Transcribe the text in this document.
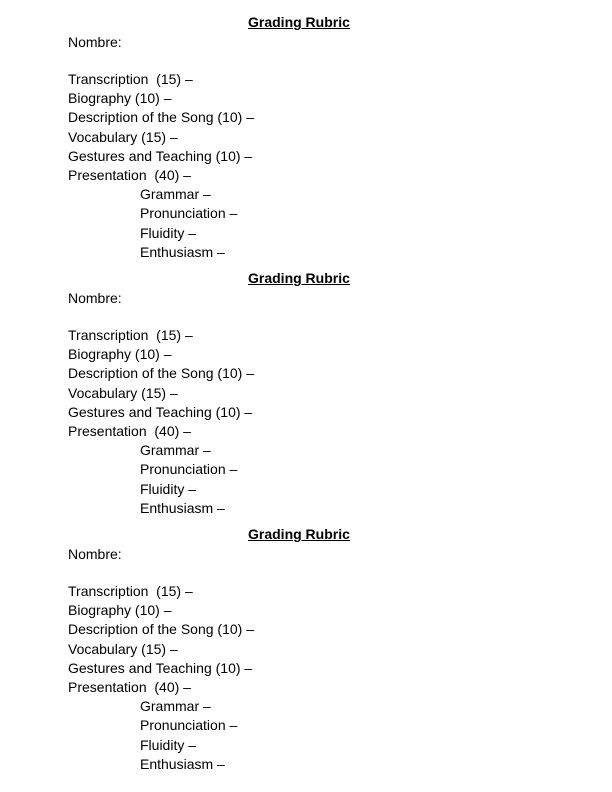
Grading Rubric
Nombre:
Transcription  (15) –
Biography (10) –
Description of the Song (10) –
Vocabulary (15) –
Gestures and Teaching (10) –
Presentation  (40) –
Grammar –
Pronunciation –
Fluidity –
Enthusiasm –
Grading Rubric
Nombre:
Transcription  (15) –
Biography (10) –
Description of the Song (10) –
Vocabulary (15) –
Gestures and Teaching (10) –
Presentation  (40) –
Grammar –
Pronunciation –
Fluidity –
Enthusiasm –
Grading Rubric
Nombre:
Transcription  (15) –
Biography (10) –
Description of the Song (10) –
Vocabulary (15) –
Gestures and Teaching (10) –
Presentation  (40) –
Grammar –
Pronunciation –
Fluidity –
Enthusiasm –
